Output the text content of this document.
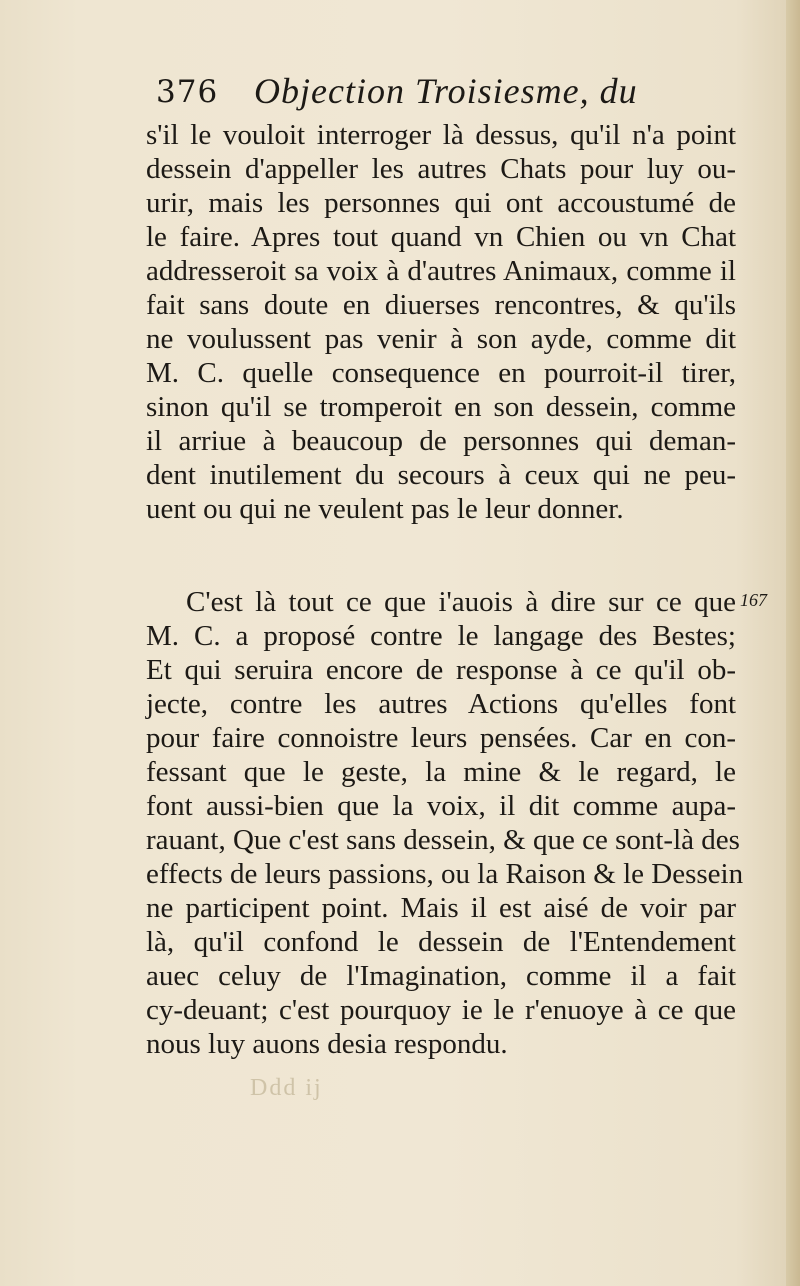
376 Objection Troisiesme, du
s'il le vouloit interroger là dessus, qu'il n'a point
dessein d'appeller les autres Chats pour luy ou-
urir, mais les personnes qui ont accoustumé de
le faire. Apres tout quand vn Chien ou vn Chat
addresseroit sa voix à d'autres Animaux, comme il
fait sans doute en diuerses rencontres, & qu'ils
ne voulussent pas venir à son ayde, comme dit
M. C. quelle consequence en pourroit-il tirer,
sinon qu'il se tromperoit en son dessein, comme
il arriue à beaucoup de personnes qui deman-
dent inutilement du secours à ceux qui ne peu-
uent ou qui ne veulent pas le leur donner.
C'est là tout ce que i'auois à dire sur ce que
M. C. a proposé contre le langage des Bestes;
Et qui seruira encore de response à ce qu'il ob-
jecte, contre les autres Actions qu'elles font
pour faire connoistre leurs pensées. Car en con-
fessant que le geste, la mine & le regard, le
font aussi-bien que la voix, il dit comme aupa-
rauant, Que c'est sans dessein, & que ce sont-là des
effects de leurs passions, ou la Raison & le Dessein
ne participent point. Mais il est aisé de voir par
là, qu'il confond le dessein de l'Entendement
auec celuy de l'Imagination, comme il a fait
cy-deuant; c'est pourquoy ie le r'enuoye à ce que
nous luy auons desia respondu.
167
Ddd ij
